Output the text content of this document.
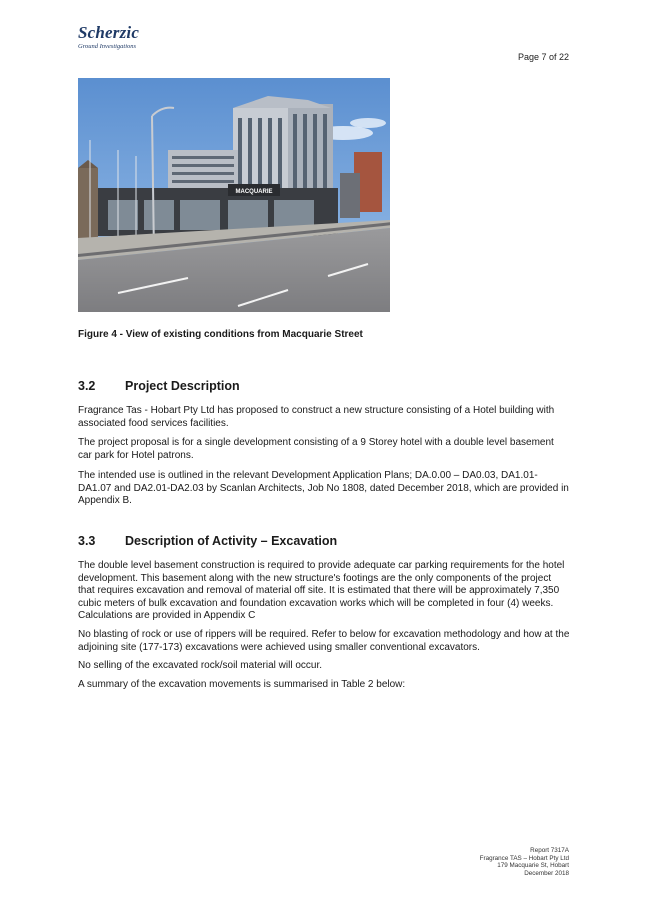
Scherzic
Ground Investigations
Page 7 of 22
MACQUARIE
Figure 4 - View of existing conditions from Macquarie Street
3.2 Project Description
Fragrance Tas - Hobart Pty Ltd has proposed to construct a new structure consisting of a Hotel building with associated food services facilities.
The project proposal is for a single development consisting of a 9 Storey hotel with a double level basement car park for Hotel patrons.
The intended use is outlined in the relevant Development Application Plans; DA.0.00 – DA0.03, DA1.01-DA1.07 and DA2.01-DA2.03 by Scanlan Architects, Job No 1808, dated December 2018, which are provided in Appendix B.
3.3 Description of Activity – Excavation
The double level basement construction is required to provide adequate car parking requirements for the hotel development. This basement along with the new structure's footings are the only components of the project that requires excavation and removal of material off site. It is estimated that there will be approximately 7,350 cubic meters of bulk excavation and foundation excavation works which will be completed in four (4) weeks. Calculations are provided in Appendix C
No blasting of rock or use of rippers will be required. Refer to below for excavation methodology and how at the adjoining site (177-173) excavations were achieved using smaller conventional excavators.
No selling of the excavated rock/soil material will occur.
A summary of the excavation movements is summarised in Table 2 below:
Report 7317A
Fragrance TAS – Hobart Pty Ltd
179 Macquarie St, Hobart
December 2018
